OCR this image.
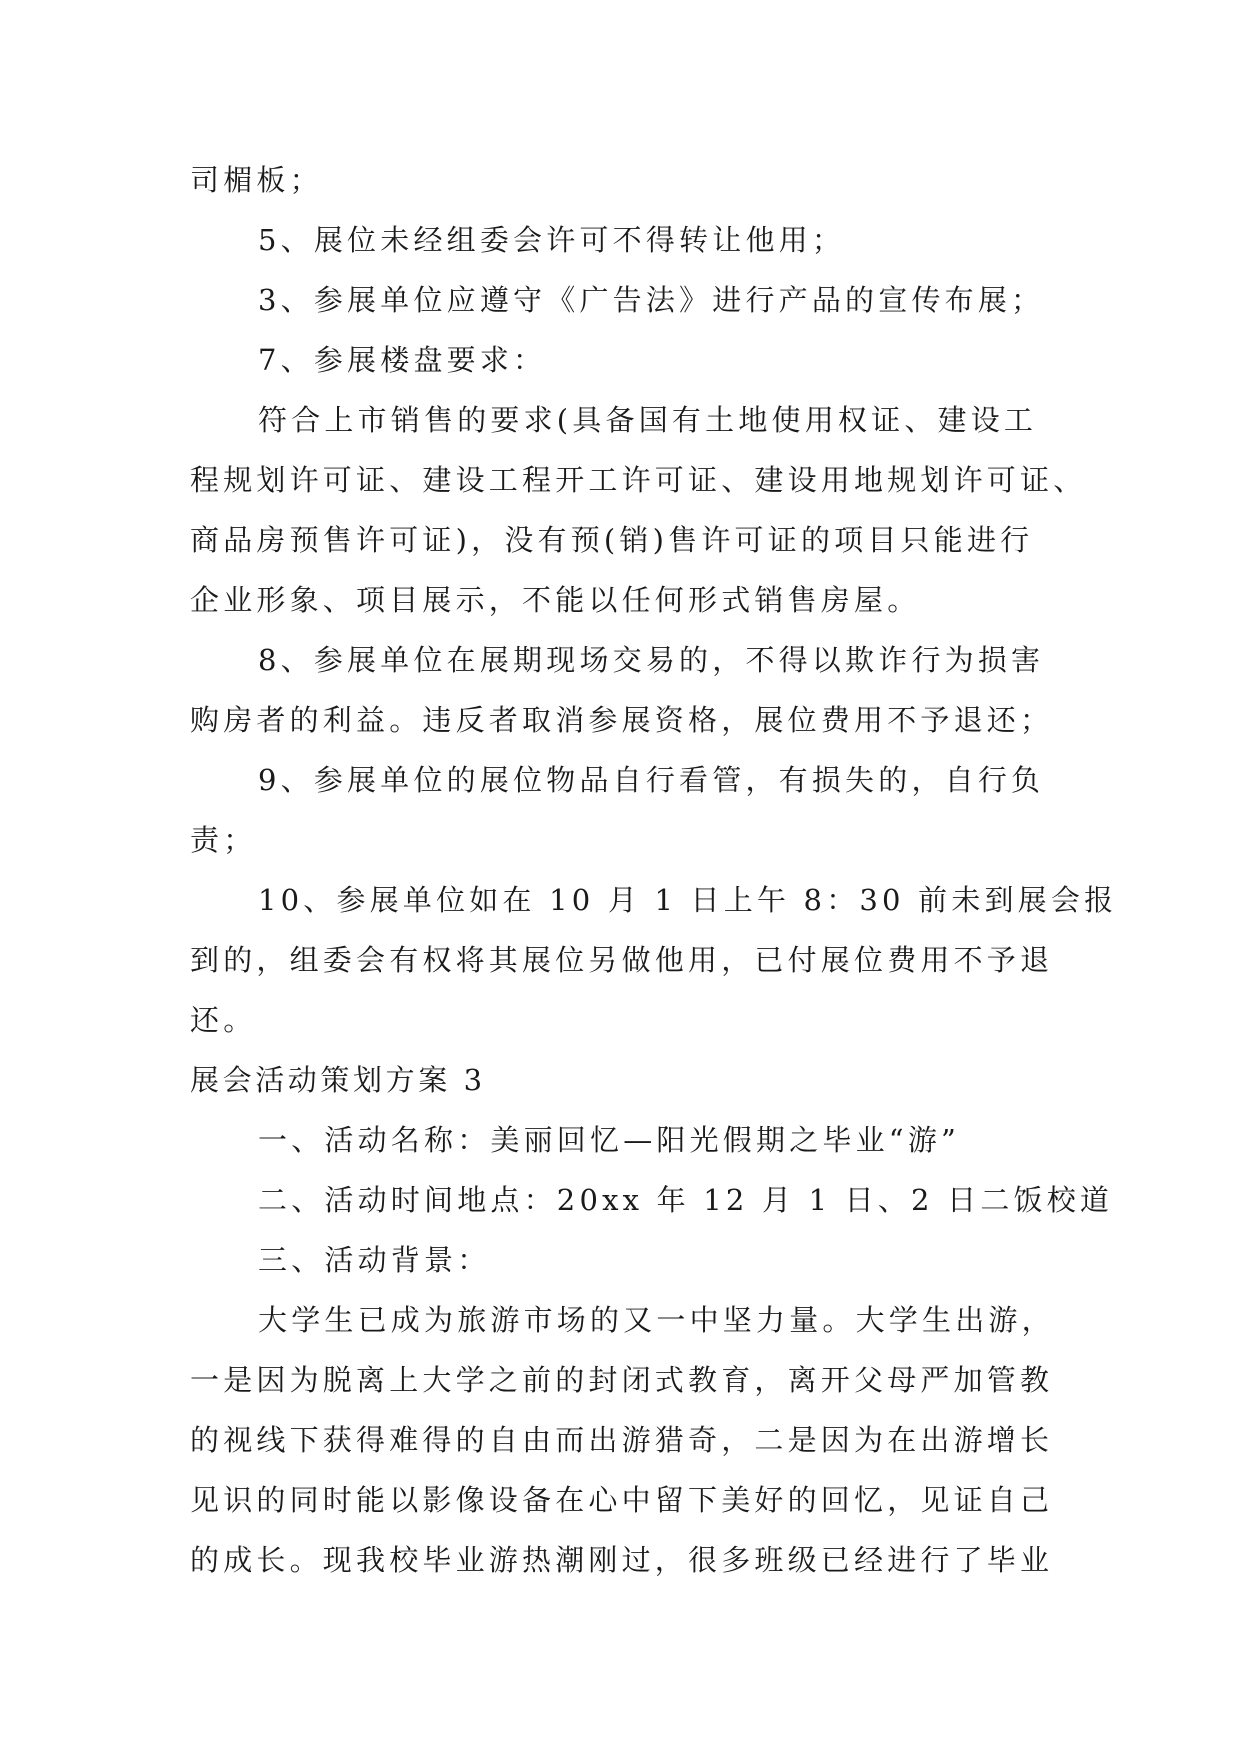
司楣板；

5、展位未经组委会许可不得转让他用；

3、参展单位应遵守《广告法》进行产品的宣传布展；

7、参展楼盘要求：

符合上市销售的要求(具备国有土地使用权证、建设工

程规划许可证、建设工程开工许可证、建设用地规划许可证、

商品房预售许可证)，没有预(销)售许可证的项目只能进行

企业形象、项目展示，不能以任何形式销售房屋。

8、参展单位在展期现场交易的，不得以欺诈行为损害

购房者的利益。违反者取消参展资格，展位费用不予退还；

9、参展单位的展位物品自行看管，有损失的，自行负

责；

10、参展单位如在 10 月 1 日上午 8：30 前未到展会报

到的，组委会有权将其展位另做他用，已付展位费用不予退

还。

展会活动策划方案 3

一、活动名称：美丽回忆—阳光假期之毕业“游”

二、活动时间地点：20xx 年 12 月 1 日、2 日二饭校道

三、活动背景：

大学生已成为旅游市场的又一中坚力量。大学生出游，

一是因为脱离上大学之前的封闭式教育，离开父母严加管教

的视线下获得难得的自由而出游猎奇，二是因为在出游增长

见识的同时能以影像设备在心中留下美好的回忆，见证自己

的成长。现我校毕业游热潮刚过，很多班级已经进行了毕业
